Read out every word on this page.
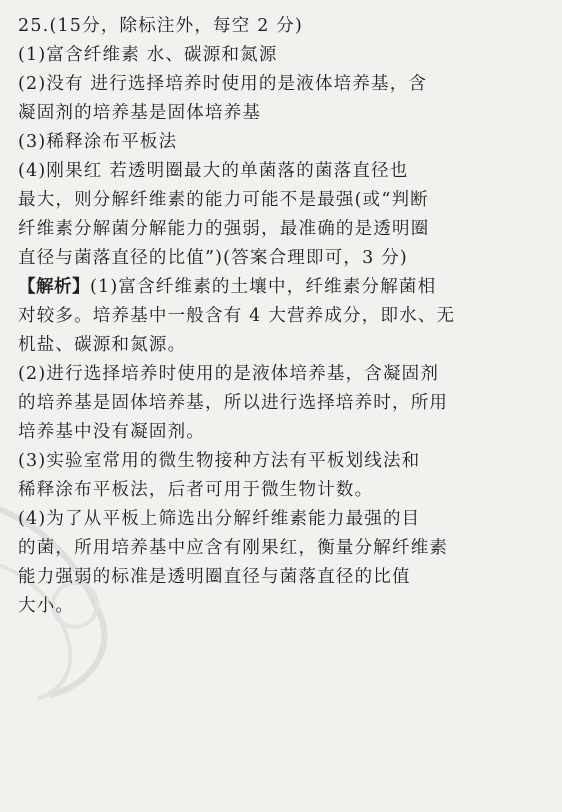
25.(15分，除标注外，每空 2 分)
(1)富含纤维素 水、碳源和氮源
(2)没有 进行选择培养时使用的是液体培养基，含
凝固剂的培养基是固体培养基
(3)稀释涂布平板法
(4)刚果红 若透明圈最大的单菌落的菌落直径也
最大，则分解纤维素的能力可能不是最强(或“判断
纤维素分解菌分解能力的强弱，最准确的是透明圈
直径与菌落直径的比值”)(答案合理即可，3 分)
【解析】(1)富含纤维素的土壤中，纤维素分解菌相
对较多。培养基中一般含有 4 大营养成分，即水、无
机盐、碳源和氮源。
(2)进行选择培养时使用的是液体培养基，含凝固剂
的培养基是固体培养基，所以进行选择培养时，所用
培养基中没有凝固剂。
(3)实验室常用的微生物接种方法有平板划线法和
稀释涂布平板法，后者可用于微生物计数。
(4)为了从平板上筛选出分解纤维素能力最强的目
的菌，所用培养基中应含有刚果红，衡量分解纤维素
能力强弱的标准是透明圈直径与菌落直径的比值
大小。
